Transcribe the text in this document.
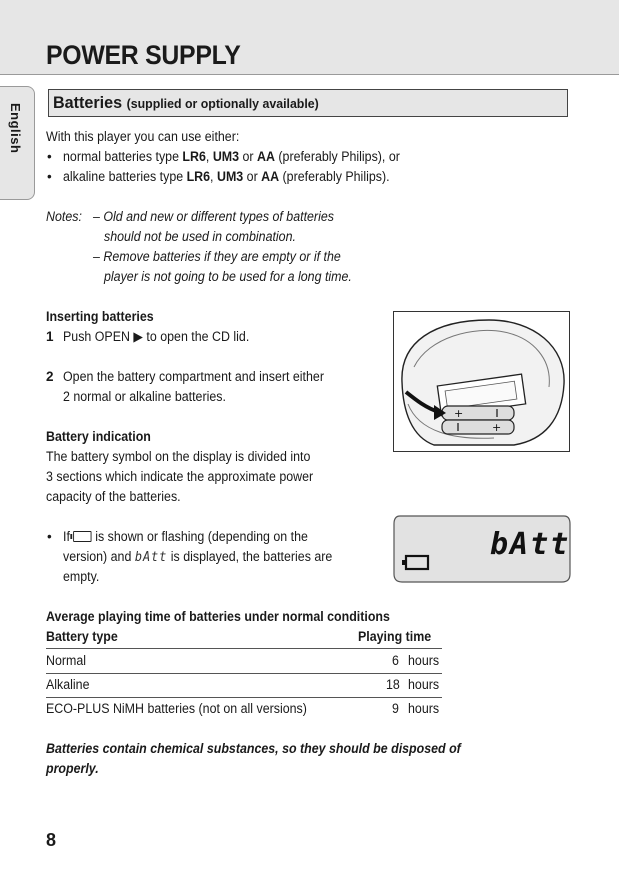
POWER SUPPLY
English
Batteries (supplied or optionally available)
With this player you can use either:
• normal batteries type LR6, UM3 or AA (preferably Philips), or
• alkaline batteries type LR6, UM3 or AA (preferably Philips).
Notes: – Old and new or different types of batteries
should not be used in combination.
– Remove batteries if they are empty or if the
player is not going to be used for a long time.
Inserting batteries
1 Push OPEN ▶ to open the CD lid.
2 Open the battery compartment and insert either
2 normal or alkaline batteries.
+
+
Battery indication
The battery symbol on the display is divided into
3 sections which indicate the approximate power
capacity of the batteries.
• If is shown or flashing (depending on the
version) and bAtt is displayed, the batteries are
empty.
bAtt
Average playing time of batteries under normal conditions
Battery type	Playing time
Normal	6 hours
Alkaline	18 hours
ECO-PLUS NiMH batteries (not on all versions)	9 hours
Batteries contain chemical substances, so they should be disposed of
properly.
8
